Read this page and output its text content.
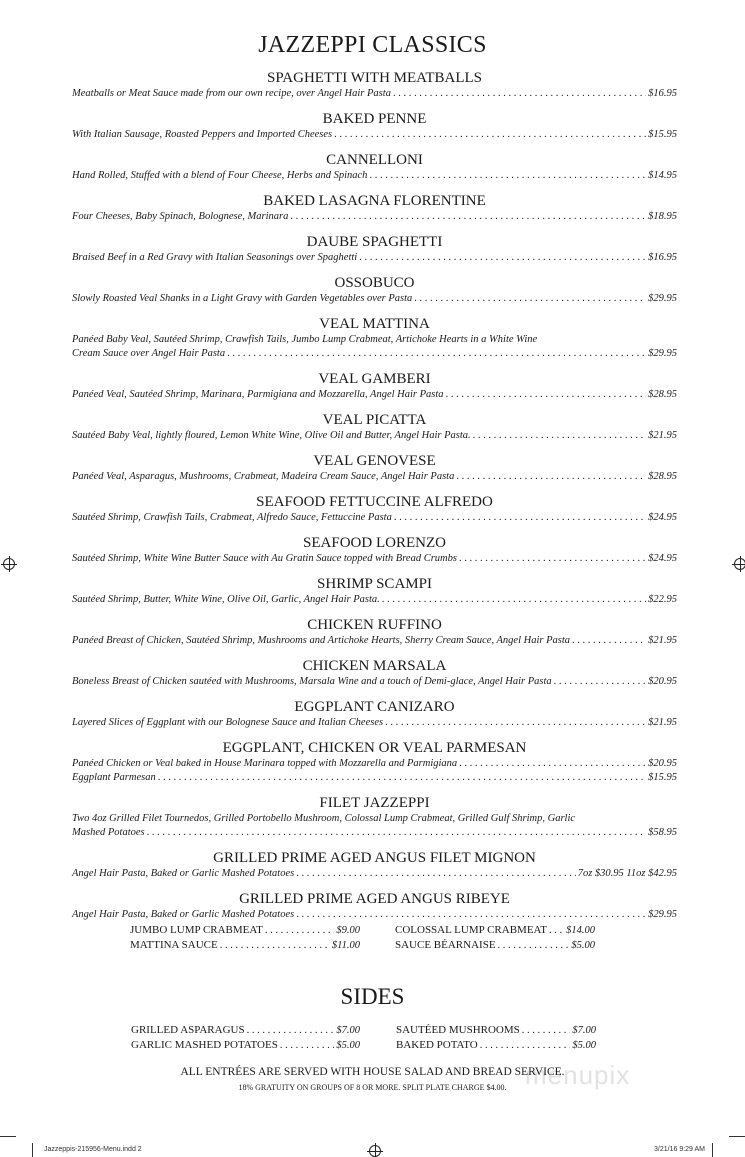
JAZZEPPI CLASSICS
SPAGHETTI WITH MEATBALLS
Meatballs or Meat Sauce made from our own recipe, over Angel Hair Pasta . . .	$16.95
BAKED PENNE
With Italian Sausage, Roasted Peppers and Imported Cheeses . . .	$15.95
CANNELLONI
Hand Rolled, Stuffed with a blend of Four Cheese, Herbs and Spinach . . .	$14.95
BAKED LASAGNA FLORENTINE
Four Cheeses, Baby Spinach, Bolognese, Marinara . . .	$18.95
DAUBE SPAGHETTI
Braised Beef in a Red Gravy with Italian Seasonings over Spaghetti . . .	$16.95
OSSOBUCO
Slowly Roasted Veal Shanks in a Light Gravy with Garden Vegetables over Pasta . . .	$29.95
VEAL MATTINA
Panéed Baby Veal, Sautéed Shrimp, Crawfish Tails, Jumbo Lump Crabmeat, Artichoke Hearts in a White Wine
Cream Sauce over Angel Hair Pasta . . .	$29.95
VEAL GAMBERI
Panéed Veal, Sautéed Shrimp, Marinara, Parmigiana and Mozzarella, Angel Hair Pasta . . .	$28.95
VEAL PICATTA
Sautéed Baby Veal, lightly floured, Lemon White Wine, Olive Oil and Butter, Angel Hair Pasta. . . .	$21.95
VEAL GENOVESE
Panéed Veal, Asparagus, Mushrooms, Crabmeat, Madeira Cream Sauce, Angel Hair Pasta . . .	$28.95
SEAFOOD FETTUCCINE ALFREDO
Sautéed Shrimp, Crawfish Tails, Crabmeat, Alfredo Sauce, Fettuccine Pasta . . .	$24.95
SEAFOOD LORENZO
Sautéed Shrimp, White Wine Butter Sauce with Au Gratin Sauce topped with Bread Crumbs . . .	$24.95
SHRIMP SCAMPI
Sautéed Shrimp, Butter, White Wine, Olive Oil, Garlic, Angel Hair Pasta. . . .	$22.95
CHICKEN RUFFINO
Panéed Breast of Chicken, Sautéed Shrimp, Mushrooms and Artichoke Hearts, Sherry Cream Sauce, Angel Hair Pasta . . .	$21.95
CHICKEN MARSALA
Boneless Breast of Chicken sautéed with Mushrooms, Marsala Wine and a touch of Demi-glace, Angel Hair Pasta . . .	$20.95
EGGPLANT CANIZARO
Layered Slices of Eggplant with our Bolognese Sauce and Italian Cheeses . . .	$21.95
EGGPLANT, CHICKEN OR VEAL PARMESAN
Panéed Chicken or Veal baked in House Marinara topped with Mozzarella and Parmigiana . . .	$20.95
Eggplant Parmesan . . .	$15.95
FILET JAZZEPPI
Two 4oz Grilled Filet Tournedos, Grilled Portobello Mushroom, Colossal Lump Crabmeat, Grilled Gulf Shrimp, Garlic
Mashed Potatoes . . .	$58.95
GRILLED PRIME AGED ANGUS FILET MIGNON
Angel Hair Pasta, Baked or Garlic Mashed Potatoes . . .	7oz $30.95 11oz $42.95
GRILLED PRIME AGED ANGUS RIBEYE
Angel Hair Pasta, Baked or Garlic Mashed Potatoes . . .	$29.95
JUMBO LUMP CRABMEAT . . .	$9.00	COLOSSAL LUMP CRABMEAT . . . $14.00
MATTINA SAUCE . . .	$11.00	SAUCE BÉARNAISE . . .	$5.00
SIDES
GRILLED ASPARAGUS . . .	$7.00	SAUTÉED MUSHROOMS . . .	$7.00
GARLIC MASHED POTATOES . . .	$5.00	BAKED POTATO . . .	$5.00
menupix
ALL ENTRÉES ARE SERVED WITH HOUSE SALAD AND BREAD SERVICE.
18% GRATUITY ON GROUPS OF 8 OR MORE. SPLIT PLATE CHARGE $4.00.
Jazzeppis-215956-Menu.indd 2	3/21/16 9:29 AM
